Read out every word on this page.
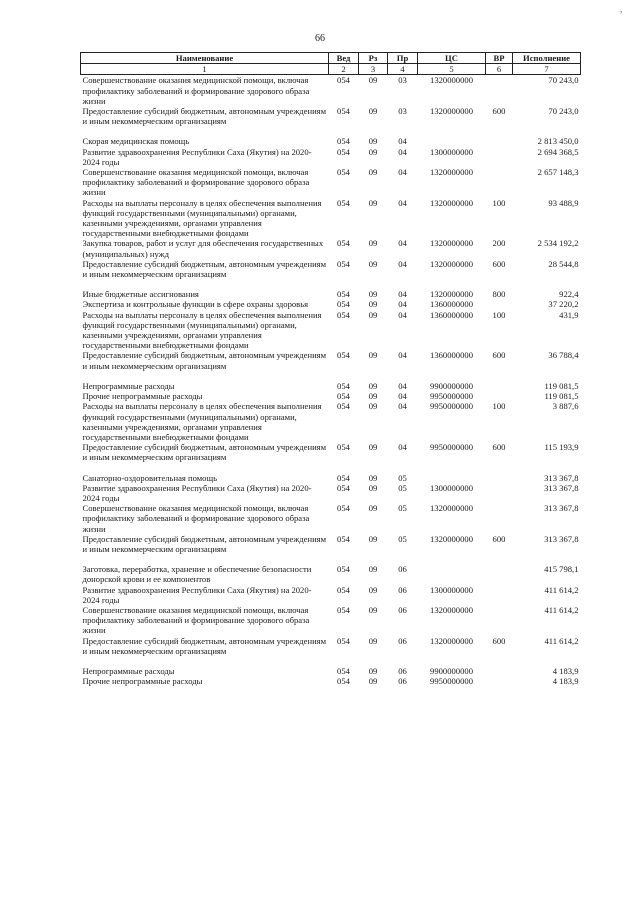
66
,
Наименование	Вед	Рз	Пр	ЦС	ВР	Исполнение
1	2	3	4	5	6	7
Совершенствование оказания медицинской помощи, включая профилактику заболеваний и формирование здорового образа жизни	054	09	03	1320000000		70 243,0
Предоставление субсидий бюджетным, автономным учреждениям и иным некоммерческим организациям	054	09	03	1320000000	600	70 243,0

Скорая медицинская помощь	054	09	04			2 813 450,0
Развитие здравоохранения Республики Саха (Якутия) на 2020-2024 годы	054	09	04	1300000000		2 694 368,5
Совершенствование оказания медицинской помощи, включая профилактику заболеваний и формирование здорового образа жизни	054	09	04	1320000000		2 657 148,3
Расходы на выплаты персоналу в целях обеспечения выполнения функций государственными (муниципальными) органами, казенными учреждениями, органами управления государственными внебюджетными фондами	054	09	04	1320000000	100	93 488,9
Закупка товаров, работ и услуг для обеспечения государственных (муниципальных) нужд	054	09	04	1320000000	200	2 534 192,2
Предоставление субсидий бюджетным, автономным учреждениям и иным некоммерческим организациям	054	09	04	1320000000	600	28 544,8

Иные бюджетные ассигнования	054	09	04	1320000000	800	922,4
Экспертиза и контрольные функции в сфере охраны здоровья	054	09	04	1360000000		37 220,2
Расходы на выплаты персоналу в целях обеспечения выполнения функций государственными (муниципальными) органами, казенными учреждениями, органами управления государственными внебюджетными фондами	054	09	04	1360000000	100	431,9
Предоставление субсидий бюджетным, автономным учреждениям и иным некоммерческим организациям	054	09	04	1360000000	600	36 788,4

Непрограммные расходы	054	09	04	9900000000		119 081,5
Прочие непрограммные расходы	054	09	04	9950000000		119 081,5
Расходы на выплаты персоналу в целях обеспечения выполнения функций государственными (муниципальными) органами, казенными учреждениями, органами управления государственными внебюджетными фондами	054	09	04	9950000000	100	3 887,6
Предоставление субсидий бюджетным, автономным учреждениям и иным некоммерческим организациям	054	09	04	9950000000	600	115 193,9

Санаторно-оздоровительная помощь	054	09	05			313 367,8
Развитие здравоохранения Республики Саха (Якутия) на 2020-2024 годы	054	09	05	1300000000		313 367,8
Совершенствование оказания медицинской помощи, включая профилактику заболеваний и формирование здорового образа жизни	054	09	05	1320000000		313 367,8
Предоставление субсидий бюджетным, автономным учреждениям и иным некоммерческим организациям	054	09	05	1320000000	600	313 367,8

Заготовка, переработка, хранение и обеспечение безопасности донорской крови и ее компонентов	054	09	06			415 798,1
Развитие здравоохранения Республики Саха (Якутия) на 2020-2024 годы	054	09	06	1300000000		411 614,2
Совершенствование оказания медицинской помощи, включая профилактику заболеваний и формирование здорового образа жизни	054	09	06	1320000000		411 614,2
Предоставление субсидий бюджетным, автономным учреждениям и иным некоммерческим организациям	054	09	06	1320000000	600	411 614,2

Непрограммные расходы	054	09	06	9900000000		4 183,9
Прочие непрограммные расходы	054	09	06	9950000000		4 183,9
